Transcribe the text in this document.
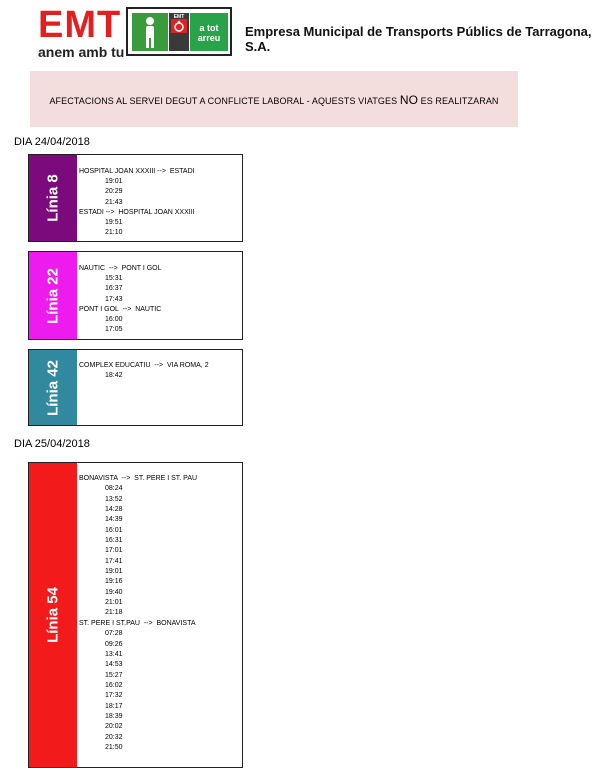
EMT
anem amb tu
EMT
a tot arreu	Empresa Municipal de Transports Públics de Tarragona, S.A.
AFECTACIONS AL SERVEI DEGUT A CONFLICTE LABORAL - AQUESTS VIATGES NO ES REALITZARAN
DIA 24/04/2018
Línia 8
HOSPITAL JOAN XXXIII -->  ESTADI
19:01
20:29
21:43
ESTADI -->  HOSPITAL JOAN XXXIII
19:51
21:10
Línia 22	NAUTIC  -->  PONT I GOL
15:31
16:37
17:43
PONT I GOL  -->  NAUTIC
16:00
17:05
Línia 42	COMPLEX EDUCATIU  -->  VIA ROMA, 2
18:42
DIA 25/04/2018
Línia 54
BONAVISTA  -->  ST. PERE I ST. PAU
08:24
13:52
14:28
14:39
16:01
16:31
17:01
17:41
19:01
19:16
19:40
21:01
21:18
ST. PERE I ST.PAU  -->  BONAVISTA
07:28
09:26
13:41
14:53
15:27
16:02
17:32
18:17
18:39
20:02
20:32
21:50
